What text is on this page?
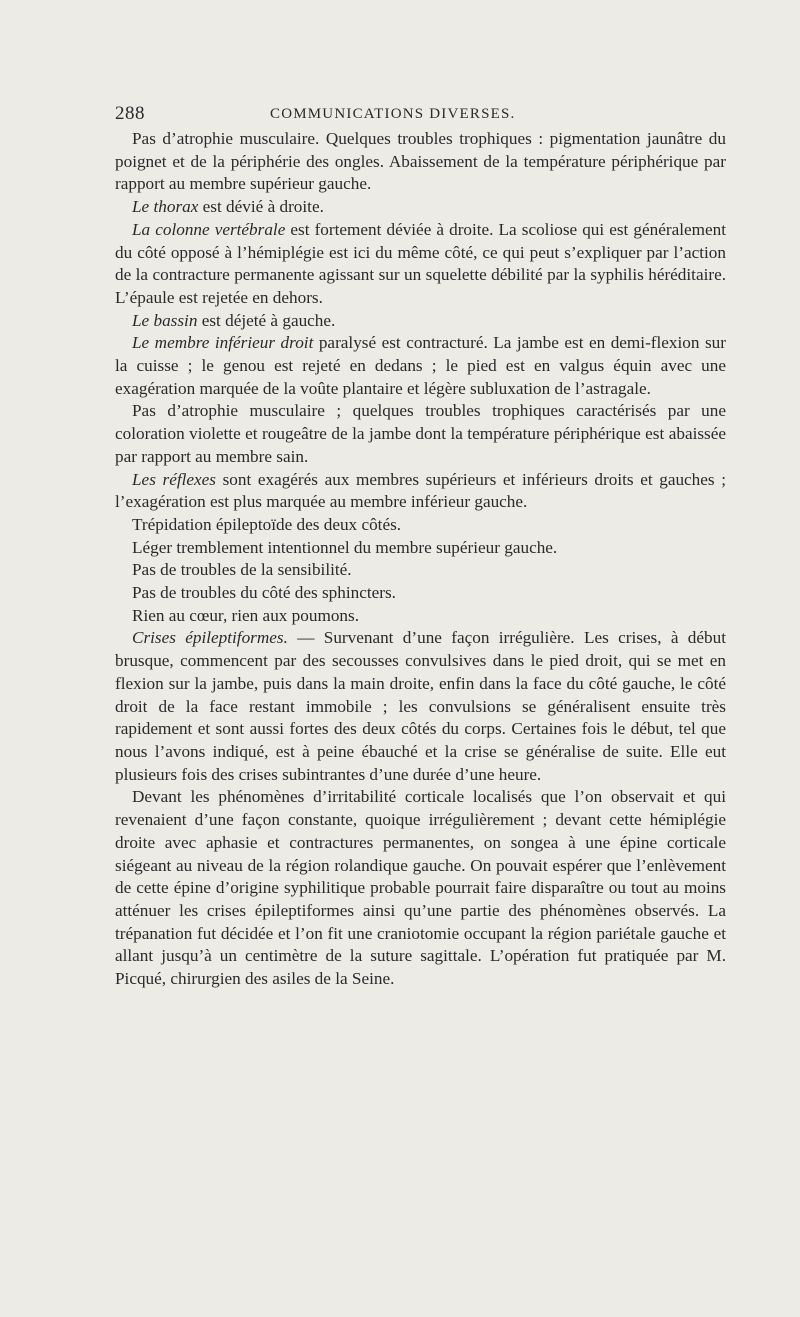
288	COMMUNICATIONS DIVERSES.

Pas d’atrophie musculaire. Quelques troubles trophiques : pigmentation jaunâtre du poignet et de la périphérie des ongles. Abaissement de la température périphérique par rapport au membre supérieur gauche.

Le thorax est dévié à droite.

La colonne vertébrale est fortement déviée à droite. La scoliose qui est généralement du côté opposé à l’hémiplégie est ici du même côté, ce qui peut s’expliquer par l’action de la contracture permanente agissant sur un squelette débilité par la syphilis héréditaire. L’épaule est rejetée en dehors.

Le bassin est déjeté à gauche.

Le membre inférieur droit paralysé est contracturé. La jambe est en demi-flexion sur la cuisse ; le genou est rejeté en dedans ; le pied est en valgus équin avec une exagération marquée de la voûte plantaire et légère subluxation de l’astragale.

Pas d’atrophie musculaire ; quelques troubles trophiques caractérisés par une coloration violette et rougeâtre de la jambe dont la température périphérique est abaissée par rapport au membre sain.

Les réflexes sont exagérés aux membres supérieurs et inférieurs droits et gauches ; l’exagération est plus marquée au membre inférieur gauche.

Trépidation épileptoïde des deux côtés.

Léger tremblement intentionnel du membre supérieur gauche.

Pas de troubles de la sensibilité.

Pas de troubles du côté des sphincters.

Rien au cœur, rien aux poumons.

Crises épileptiformes. — Survenant d’une façon irrégulière. Les crises, à début brusque, commencent par des secousses convulsives dans le pied droit, qui se met en flexion sur la jambe, puis dans la main droite, enfin dans la face du côté gauche, le côté droit de la face restant immobile ; les convulsions se généralisent ensuite très rapidement et sont aussi fortes des deux côtés du corps. Certaines fois le début, tel que nous l’avons indiqué, est à peine ébauché et la crise se généralise de suite. Elle eut plusieurs fois des crises subintrantes d’une durée d’une heure.

Devant les phénomènes d’irritabilité corticale localisés que l’on observait et qui revenaient d’une façon constante, quoique irrégulièrement ; devant cette hémiplégie droite avec aphasie et contractures permanentes, on songea à une épine corticale siégeant au niveau de la région rolandique gauche. On pouvait espérer que l’enlèvement de cette épine d’origine syphilitique probable pourrait faire disparaître ou tout au moins atténuer les crises épileptiformes ainsi qu’une partie des phénomènes observés. La trépanation fut décidée et l’on fit une craniotomie occupant la région pariétale gauche et allant jusqu’à un centimètre de la suture sagittale. L’opération fut pratiquée par M. Picqué, chirurgien des asiles de la Seine.
